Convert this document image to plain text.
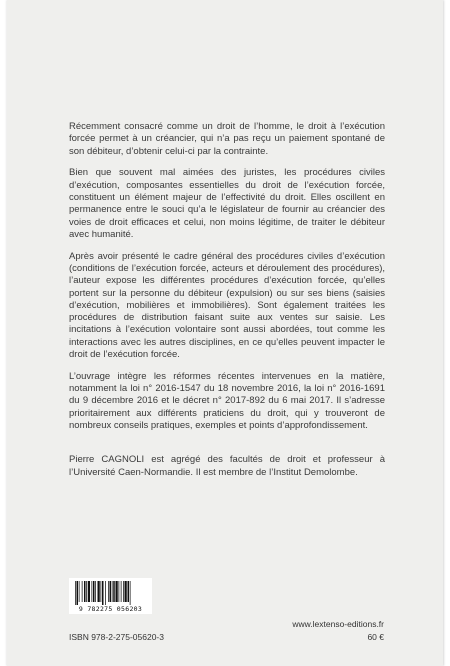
Récemment consacré comme un droit de l’homme, le droit à l’exécution forcée permet à un créancier, qui n’a pas reçu un paiement spontané de son débiteur, d’obtenir celui-ci par la contrainte.

Bien que souvent mal aimées des juristes, les procédures civiles d’exécution, composantes essentielles du droit de l’exécution forcée, constituent un élément majeur de l’effectivité du droit. Elles oscillent en permanence entre le souci qu’a le législateur de fournir au créancier des voies de droit efficaces et celui, non moins légitime, de traiter le débiteur avec humanité.

Après avoir présenté le cadre général des procédures civiles d’exécution (conditions de l’exécution forcée, acteurs et déroulement des procédures), l’auteur expose les différentes procédures d’exécution forcée, qu’elles portent sur la personne du débiteur (expulsion) ou sur ses biens (saisies d’exécution, mobilières et immobilières). Sont également traitées les procédures de distribution faisant suite aux ventes sur saisie. Les incitations à l’exécution volontaire sont aussi abordées, tout comme les interactions avec les autres disciplines, en ce qu’elles peuvent impacter le droit de l’exécution forcée.

L’ouvrage intègre les réformes récentes intervenues en la matière, notamment la loi n° 2016-1547 du 18 novembre 2016, la loi n° 2016-1691 du 9 décembre 2016 et le décret n° 2017-892 du 6 mai 2017. Il s’adresse prioritairement aux différents praticiens du droit, qui y trouveront de nombreux conseils pratiques, exemples et points d’approfondissement.

Pierre CAGNOLI est agrégé des facultés de droit et professeur à l’Université Caen-Normandie. Il est membre de l’Institut Demolombe.

9 782275 056203
ISBN 978-2-275-05620-3
www.lextenso-editions.fr
60 €
